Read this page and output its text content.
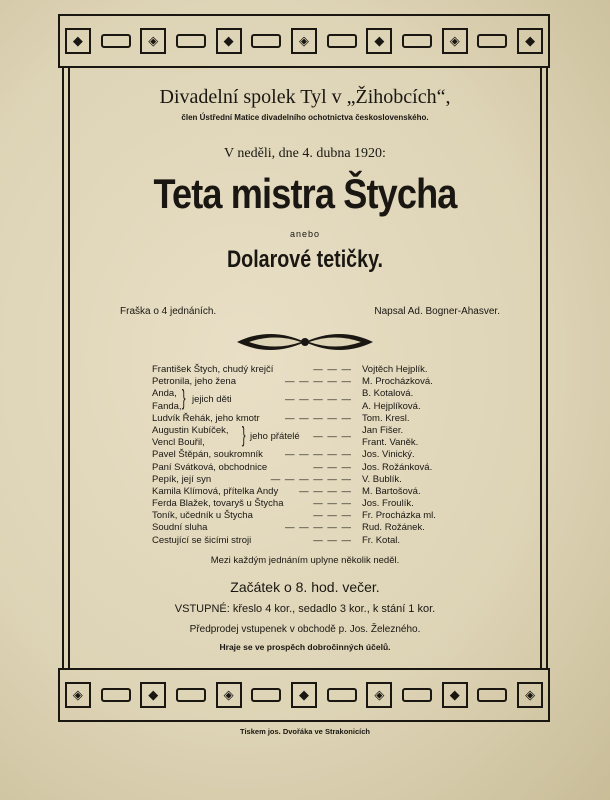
◆	◈	◆	◈	◆	◈	◆
Divadelní spolek Tyl v „Žihobcích“,
člen Ústřední Matice divadelního ochotnictva československého.
V neděli, dne 4. dubna 1920:
Teta mistra Štycha
anebo
Dolarové tetičky.
Fraška o 4 jednáních.	Napsal Ad. Bogner-Ahasver.
František Štych, chudý krejčí	— — — Vojtěch Hejplík.
Petronila, jeho žena	— — — — — M. Procházková.
Anda,	B. Kotalová.
} jejich děti	— — — — —
Fanda,	A. Hejplíková.
Ludvík Řehák, jeho kmotr	— — — — — Tom. Kresl.
Augustin Kubíček,	Jan Fišer.
} jeho přátelé	— — —
Vencl Bouřil,	Frant. Vaněk.
Pavel Štěpán, soukromník	— — — — — Jos. Vinický.
Paní Svátková, obchodnice	— — — Jos. Rožánková.
Pepík, její syn	— — — — — — V. Bublík.
Kamila Klímová, přítelka Andy	— — — — M. Bartošová.
Ferda Blažek, tovaryš u Štycha	— — — Jos. Froulík.
Toník, učedník u Štycha	— — — Fr. Procházka ml.
Soudní sluha	— — — — — Rud. Rožánek.
Cestující se šicími stroji	— — — Fr. Kotal.
Mezi každým jednáním uplyne několik neděl.
Začátek o 8. hod. večer.
VSTUPNÉ: křeslo 4 kor., sedadlo 3 kor., k stání 1 kor.
Předprodej vstupenek v obchodě p. Jos. Železného.
Hraje se ve prospěch dobročinných účelů.
◈	◆	◈	◆	◈	◆	◈
Tiskem jos. Dvořáka ve Strakonicích
